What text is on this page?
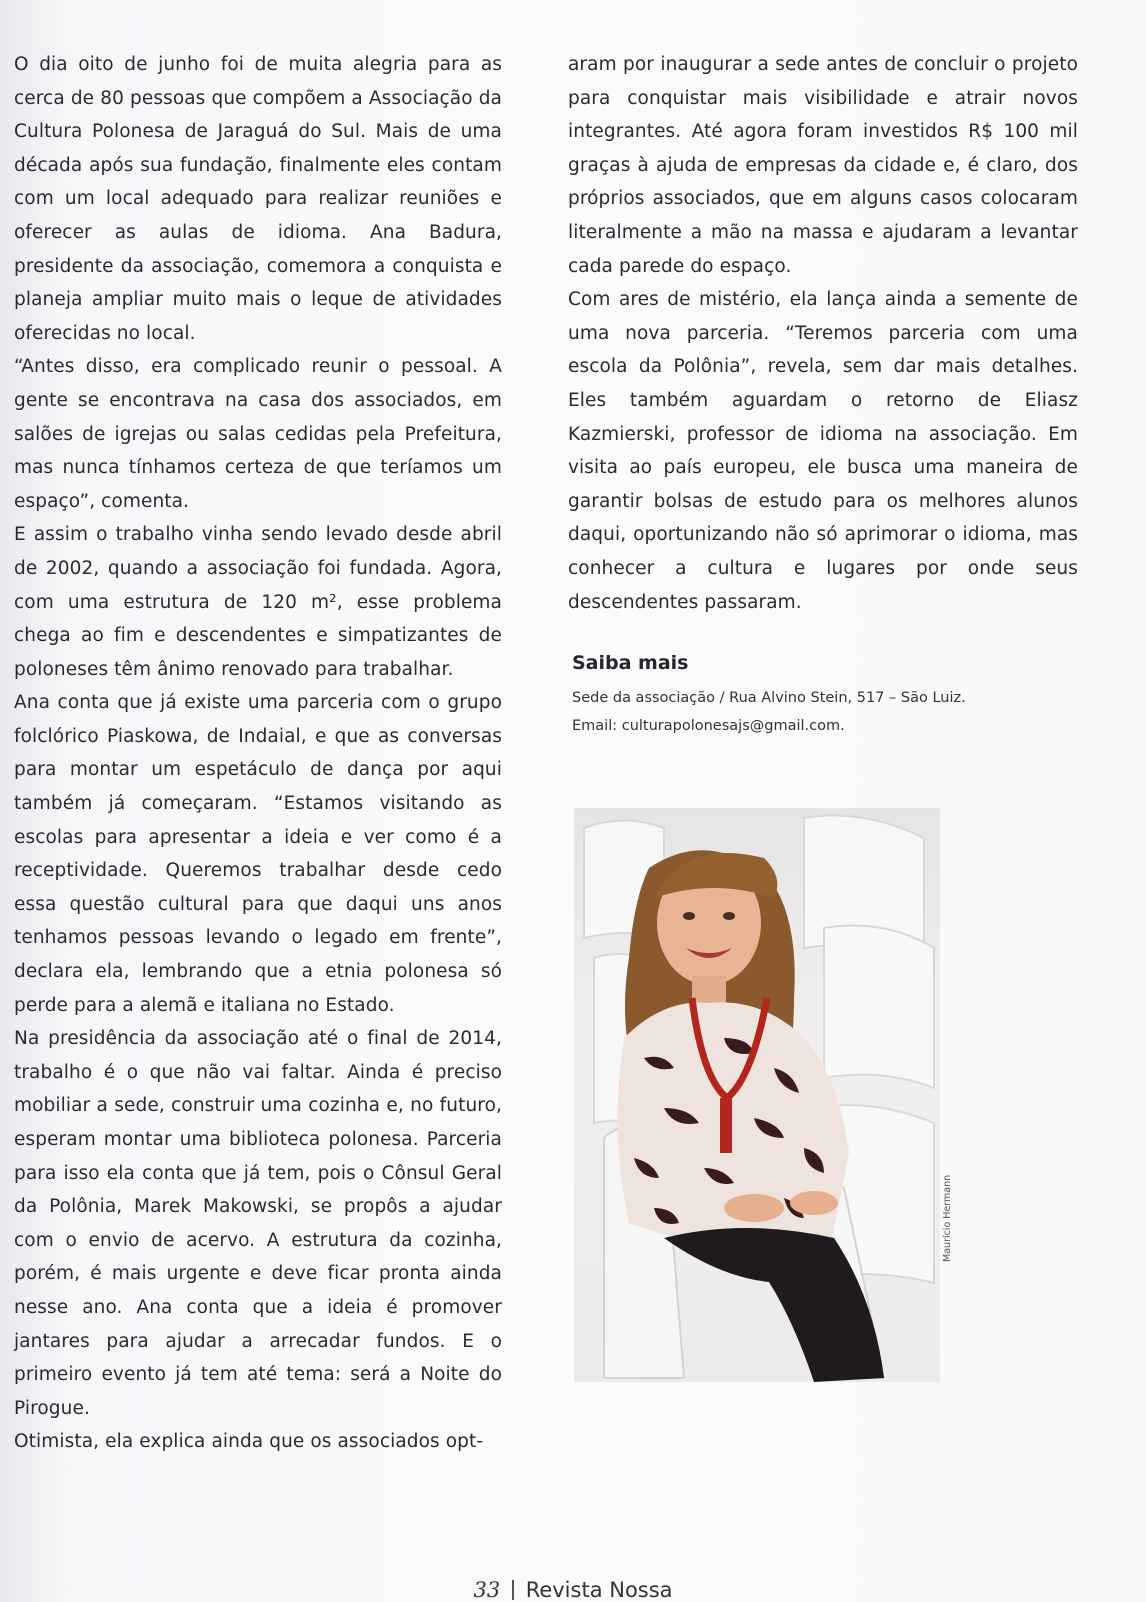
O dia oito de junho foi de muita alegria para as cerca de 80 pessoas que compõem a Associação da Cultura Polonesa de Jaraguá do Sul. Mais de uma década após sua fundação, finalmente eles contam com um local adequado para realizar reuniões e oferecer as aulas de idioma. Ana Badura, presidente da associação, comemora a conquista e planeja ampliar muito mais o leque de atividades oferecidas no local.

“Antes disso, era complicado reunir o pessoal. A gente se encontrava na casa dos associados, em salões de igrejas ou salas cedidas pela Prefeitura, mas nunca tínhamos certeza de que teríamos um espaço”, comenta.

E assim o trabalho vinha sendo levado desde abril de 2002, quando a associação foi fundada. Agora, com uma estrutura de 120 m², esse problema chega ao fim e descendentes e simpatizantes de poloneses têm ânimo renovado para trabalhar.

Ana conta que já existe uma parceria com o grupo folclórico Piaskowa, de Indaial, e que as conversas para montar um espetáculo de dança por aqui também já começaram. “Estamos visitando as escolas para apresentar a ideia e ver como é a receptividade. Queremos trabalhar desde cedo essa questão cultural para que daqui uns anos tenhamos pessoas levando o legado em frente”, declara ela, lembrando que a etnia polonesa só perde para a alemã e italiana no Estado.

Na presidência da associação até o final de 2014, trabalho é o que não vai faltar. Ainda é preciso mobiliar a sede, construir uma cozinha e, no futuro, esperam montar uma biblioteca polonesa. Parceria para isso ela conta que já tem, pois o Cônsul Geral da Polônia, Marek Makowski, se propôs a ajudar com o envio de acervo. A estrutura da cozinha, porém, é mais urgente e deve ficar pronta ainda nesse ano. Ana conta que a ideia é promover jantares para ajudar a arrecadar fundos. E o primeiro evento já tem até tema: será a Noite do Pirogue.

Otimista, ela explica ainda que os associados opt-

aram por inaugurar a sede antes de concluir o projeto para conquistar mais visibilidade e atrair novos integrantes. Até agora foram investidos R$ 100 mil graças à ajuda de empresas da cidade e, é claro, dos próprios associados, que em alguns casos colocaram literalmente a mão na massa e ajudaram a levantar cada parede do espaço.

Com ares de mistério, ela lança ainda a semente de uma nova parceria. “Teremos parceria com uma escola da Polônia”, revela, sem dar mais detalhes. Eles também aguardam o retorno de Eliasz Kazmierski, professor de idioma na associação. Em visita ao país europeu, ele busca uma maneira de garantir bolsas de estudo para os melhores alunos daqui, oportunizando não só aprimorar o idioma, mas conhecer a cultura e lugares por onde seus descendentes passaram.

Saiba mais

Sede da associação / Rua Alvino Stein, 517 – São Luiz.

Email: culturapolonesajs@gmail.com.

Maurício Hermann
33 Revista Nossa
